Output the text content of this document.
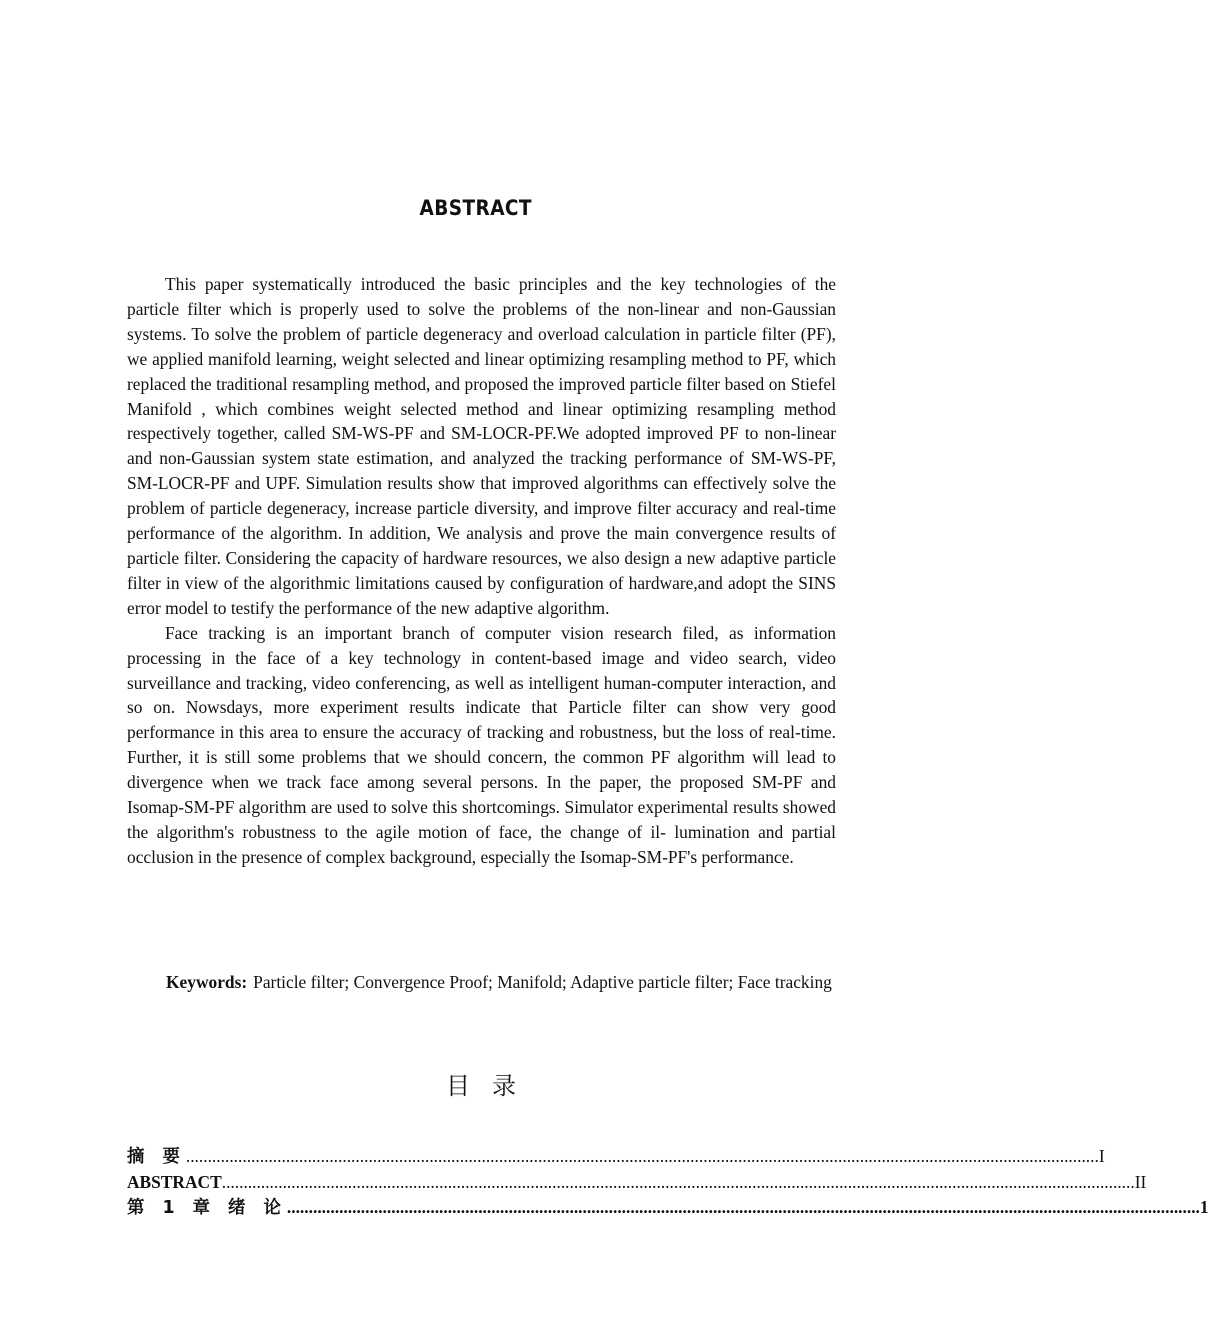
ABSTRACT

This paper systematically introduced the basic principles and the key technologies of the particle filter which is properly used to solve the problems of the non-linear and non-Gaussian systems. To solve the problem of particle degeneracy and overload calculation in particle filter (PF), we applied manifold learning, weight selected and linear optimizing resampling method to PF, which replaced the traditional resampling method, and proposed the improved particle filter based on Stiefel Manifold , which combines weight selected method and linear optimizing resampling method respectively together, called SM-WS-PF and SM-LOCR-PF.We adopted improved PF to non-linear and non-Gaussian system state estimation, and analyzed the tracking performance of SM-WS-PF, SM-LOCR-PF and UPF. Simulation results show that improved algorithms can effectively solve the problem of particle degeneracy, increase particle diversity, and improve filter accuracy and real-time performance of the algorithm. In addition, We analysis and prove the main convergence results of particle filter. Considering the capacity of hardware resources, we also design a new adaptive particle filter in view of the algorithmic limitations caused by configuration of hardware,and adopt the SINS error model to testify the performance of the new adaptive algorithm.

Face tracking is an important branch of computer vision research filed, as information processing in the face of a key technology in content-based image and video search, video surveillance and tracking, video conferencing, as well as intelligent human-computer interaction, and so on. Nowsdays, more experiment results indicate that Particle filter can show very good performance in this area to ensure the accuracy of tracking and robustness, but the loss of real-time. Further, it is still some problems that we should concern, the common PF algorithm will lead to divergence when we track face among several persons. In the paper, the proposed SM-PF and Isomap-SM-PF algorithm are used to solve this shortcomings. Simulator experimental results showed the algorithm's robustness to the agile motion of face, the change of il- lumination and partial occlusion in the presence of complex background, especially the Isomap-SM-PF's performance.

Keywords: Particle filter; Convergence Proof; Manifold; Adaptive particle filter; Face tracking
目录
摘 要 .................................................................................................................................................................................................................. I
ABSTRACT .................................................................................................................................................................................................................. II
第 1 章 绪 论 .................................................................................................................................................................................................................. 1
